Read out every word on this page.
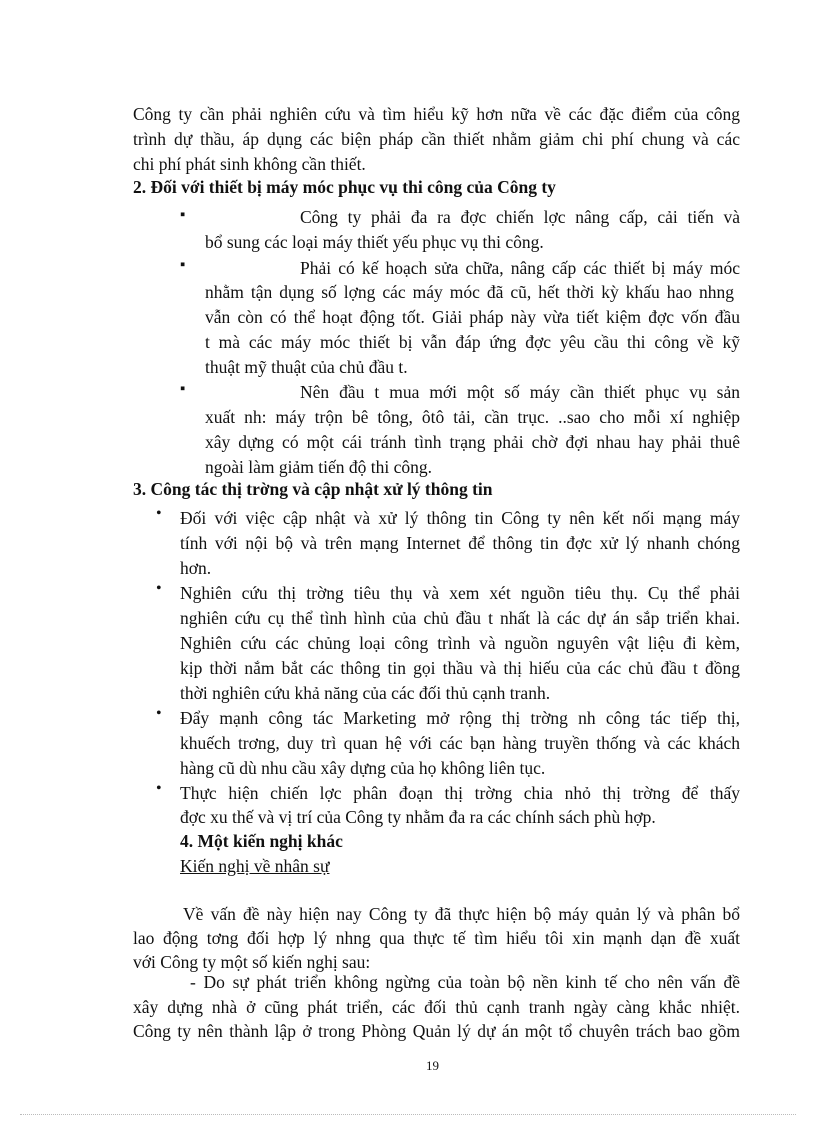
Công ty cần phải nghiên cứu và tìm hiểu kỹ hơn nữa về các đặc điểm của công
trình dự thầu, áp dụng các biện pháp cần thiết nhằm giảm chi phí chung và các
chi phí phát sinh không cần thiết.
2. Đối với thiết bị máy móc phục vụ thi công của Công ty
▪	Công ty phải đa ra đợc chiến lợc nâng cấp, cải tiến và
bổ sung các loại máy thiết yếu phục vụ thi công.
▪	Phải có kế hoạch sửa chữa, nâng cấp các thiết bị máy móc
nhằm tận dụng số lợng các máy móc đã cũ, hết thời kỳ khấu hao nhng
vẫn còn có thể hoạt động tốt. Giải pháp này vừa tiết kiệm đợc vốn đầu
t mà các máy móc thiết bị vẫn đáp ứng đợc yêu cầu thi công về kỹ
thuật mỹ thuật của chủ đầu t.
▪	Nên đầu t mua mới một số máy cần thiết phục vụ sản
xuất nh: máy trộn bê tông, ôtô tải, cần trục. ..sao cho mỗi xí nghiệp
xây dựng có một cái tránh tình trạng phải chờ đợi nhau hay phải thuê
ngoài làm giảm tiến độ thi công.
3. Công tác thị trờng và cập nhật xử lý thông tin
• Đối với việc cập nhật và xử lý thông tin Công ty nên kết nối mạng máy
tính với nội bộ và trên mạng Internet để thông tin đợc xử lý nhanh chóng
hơn.
• Nghiên cứu thị trờng tiêu thụ và xem xét nguồn tiêu thụ. Cụ thể phải
nghiên cứu cụ thể tình hình của chủ đầu t nhất là các dự án sắp triển khai.
Nghiên cứu các chủng loại công trình và nguồn nguyên vật liệu đi kèm,
kịp thời nắm bắt các thông tin gọi thầu và thị hiếu của các chủ đầu t đồng
thời nghiên cứu khả năng của các đối thủ cạnh tranh.
• Đẩy mạnh công tác Marketing mở rộng thị trờng nh công tác tiếp thị,
khuếch trơng, duy trì quan hệ với các bạn hàng truyền thống và các khách
hàng cũ dù nhu cầu xây dựng của họ không liên tục.
• Thực hiện chiến lợc phân đoạn thị trờng chia nhỏ thị trờng để thấy
đợc xu thế và vị trí của Công ty nhằm đa ra các chính sách phù hợp.
4. Một kiến nghị khác
Kiến nghị về nhân sự
Về vấn đề này hiện nay Công ty đã thực hiện bộ máy quản lý và phân bổ
lao động tơng đối hợp lý nhng qua thực tế tìm hiểu tôi xin mạnh dạn đề xuất
với Công ty một số kiến nghị sau:
- Do sự phát triển không ngừng của toàn bộ nền kinh tế cho nên vấn đề
xây dựng nhà ở cũng phát triển, các đối thủ cạnh tranh ngày càng khắc nhiệt.
Công ty nên thành lập ở trong Phòng Quản lý dự án một tổ chuyên trách bao gồm
19
